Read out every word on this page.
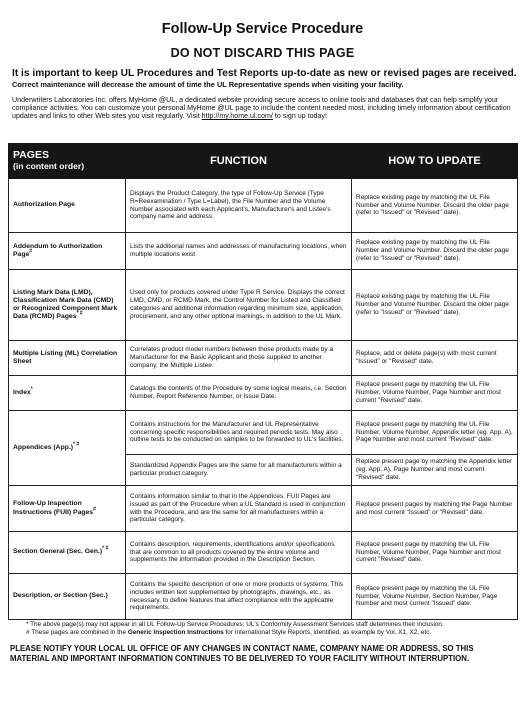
Follow-Up Service Procedure
DO NOT DISCARD THIS PAGE
It is important to keep UL Procedures and Test Reports up-to-date as new or revised pages are received.
Correct maintenance will decrease the amount of time the UL Representative spends when visiting your facility.
Underwriters Laboratories Inc. offers MyHome @UL, a dedicated website providing secure access to online tools and databases that can help simplify your compliance activities. You can customize your personal MyHome @UL page to include the content needed most, including timely information about certification updates and links to other Web sites you visit regularly. Visit http://my.home.ul.com/ to sign up today!
PAGES
(in content order)	FUNCTION	HOW TO UPDATE
Authorization Page	Displays the Product Category, the type of Follow-Up Service (Type R=Reexamination / Type L=Label), the File Number and the Volume Number associated with each Applicant's, Manufacturer's and Listee's company name and address.	Replace existing page by matching the UL File Number and Volume Number. Discard the older page (refer to "Issued" or "Revised" date).
Addendum to Authorization Page#	Lists the additional names and addresses of manufacturing locations, when multiple locations exist	Replace existing page by matching the UL File Number and Volume Number. Discard the older page (refer to "Issued" or "Revised" date).
Listing Mark Data (LMD), Classification Mark Data (CMD) or Recognized Component Mark Data (RCMD) Pages* #	Used only for products covered under Type R Service. Displays the correct LMD, CMD, or RCMD Mark, the Control Number for Listed and Classified categories and additional information regarding minimum size, application, procurement, and any other optional markings, in addition to the UL Mark.	Replace existing page by matching the UL File Number and Volume Number. Discard the older page (refer to "Issued" or "Revised" date).
Multiple Listing (ML) Correlation Sheet	Correlates product model numbers between those products made by a Manufacturer for the Basic Applicant and those supplied to another company, the Multiple Listee.	Replace, add or delete page(s) with most current "Issued" or "Revised" date.
Index*	Catalogs the contents of the Procedure by some logical means, i.e. Section Number, Report Reference Number, or Issue Date.	Replace present page by matching the UL File Number, Volume Number, Page Number and most current "Revised" date.
Appendices (App.)* #	Contains instructions for the Manufacturer and UL Representative concerning specific responsibilities and required periodic tests. May also outline tests to be conducted on samples to be forwarded to UL's facilities.	Replace present page by matching the UL File Number, Volume Number, Appendix letter (eg. App. A), Page Number and most current "Revised" date.
	Standardized Appendix Pages are the same for all manufacturers within a particular product category.	Replace present page by matching the Appendix letter (eg. App. A), Page Number and most current "Revised" date.
Follow-Up Inspection Instructions (FUII) Pages#	Contains information similar to that in the Appendices. FUII Pages are issued as part of the Procedure when a UL Standard is used in conjunction with the Procedure, and are the same for all manufacturers within a particular category.	Replace present pages by matching the Page Number and most current "Issued" or "Revised" date.
Section General (Sec. Gen.)* #	Contains description, requirements, identifications and/or specifications that are common to all products covered by the entire volume and supplements the information provided in the Description Section.	Replace present page by matching the UL File Number, Volume Number, Page Number and most current "Revised" date.
Description, or Section (Sec.)	Contains the specific description of one or more products or systems. This includes written text supplemented by photographs, drawings, etc., as necessary, to define features that affect compliance with the applicable requirements.	Replace present page by matching the UL File Number, Volume Number, Section Number, Page Number and most current "Issued" date.
* The above page(s) may not appear in all UL Follow-Up Service Procedures; UL's Conformity Assessment Services staff determines their inclusion.
# These pages are combined in the Generic Inspection Instructions for International Style Reports, identified, as example by Vol. X1, X2, etc.
PLEASE NOTIFY YOUR LOCAL UL OFFICE OF ANY CHANGES IN CONTACT NAME, COMPANY NAME OR ADDRESS, SO THIS MATERIAL AND IMPORTANT INFORMATION CONTINUES TO BE DELIVERED TO YOUR FACILITY WITHOUT INTERRUPTION.
